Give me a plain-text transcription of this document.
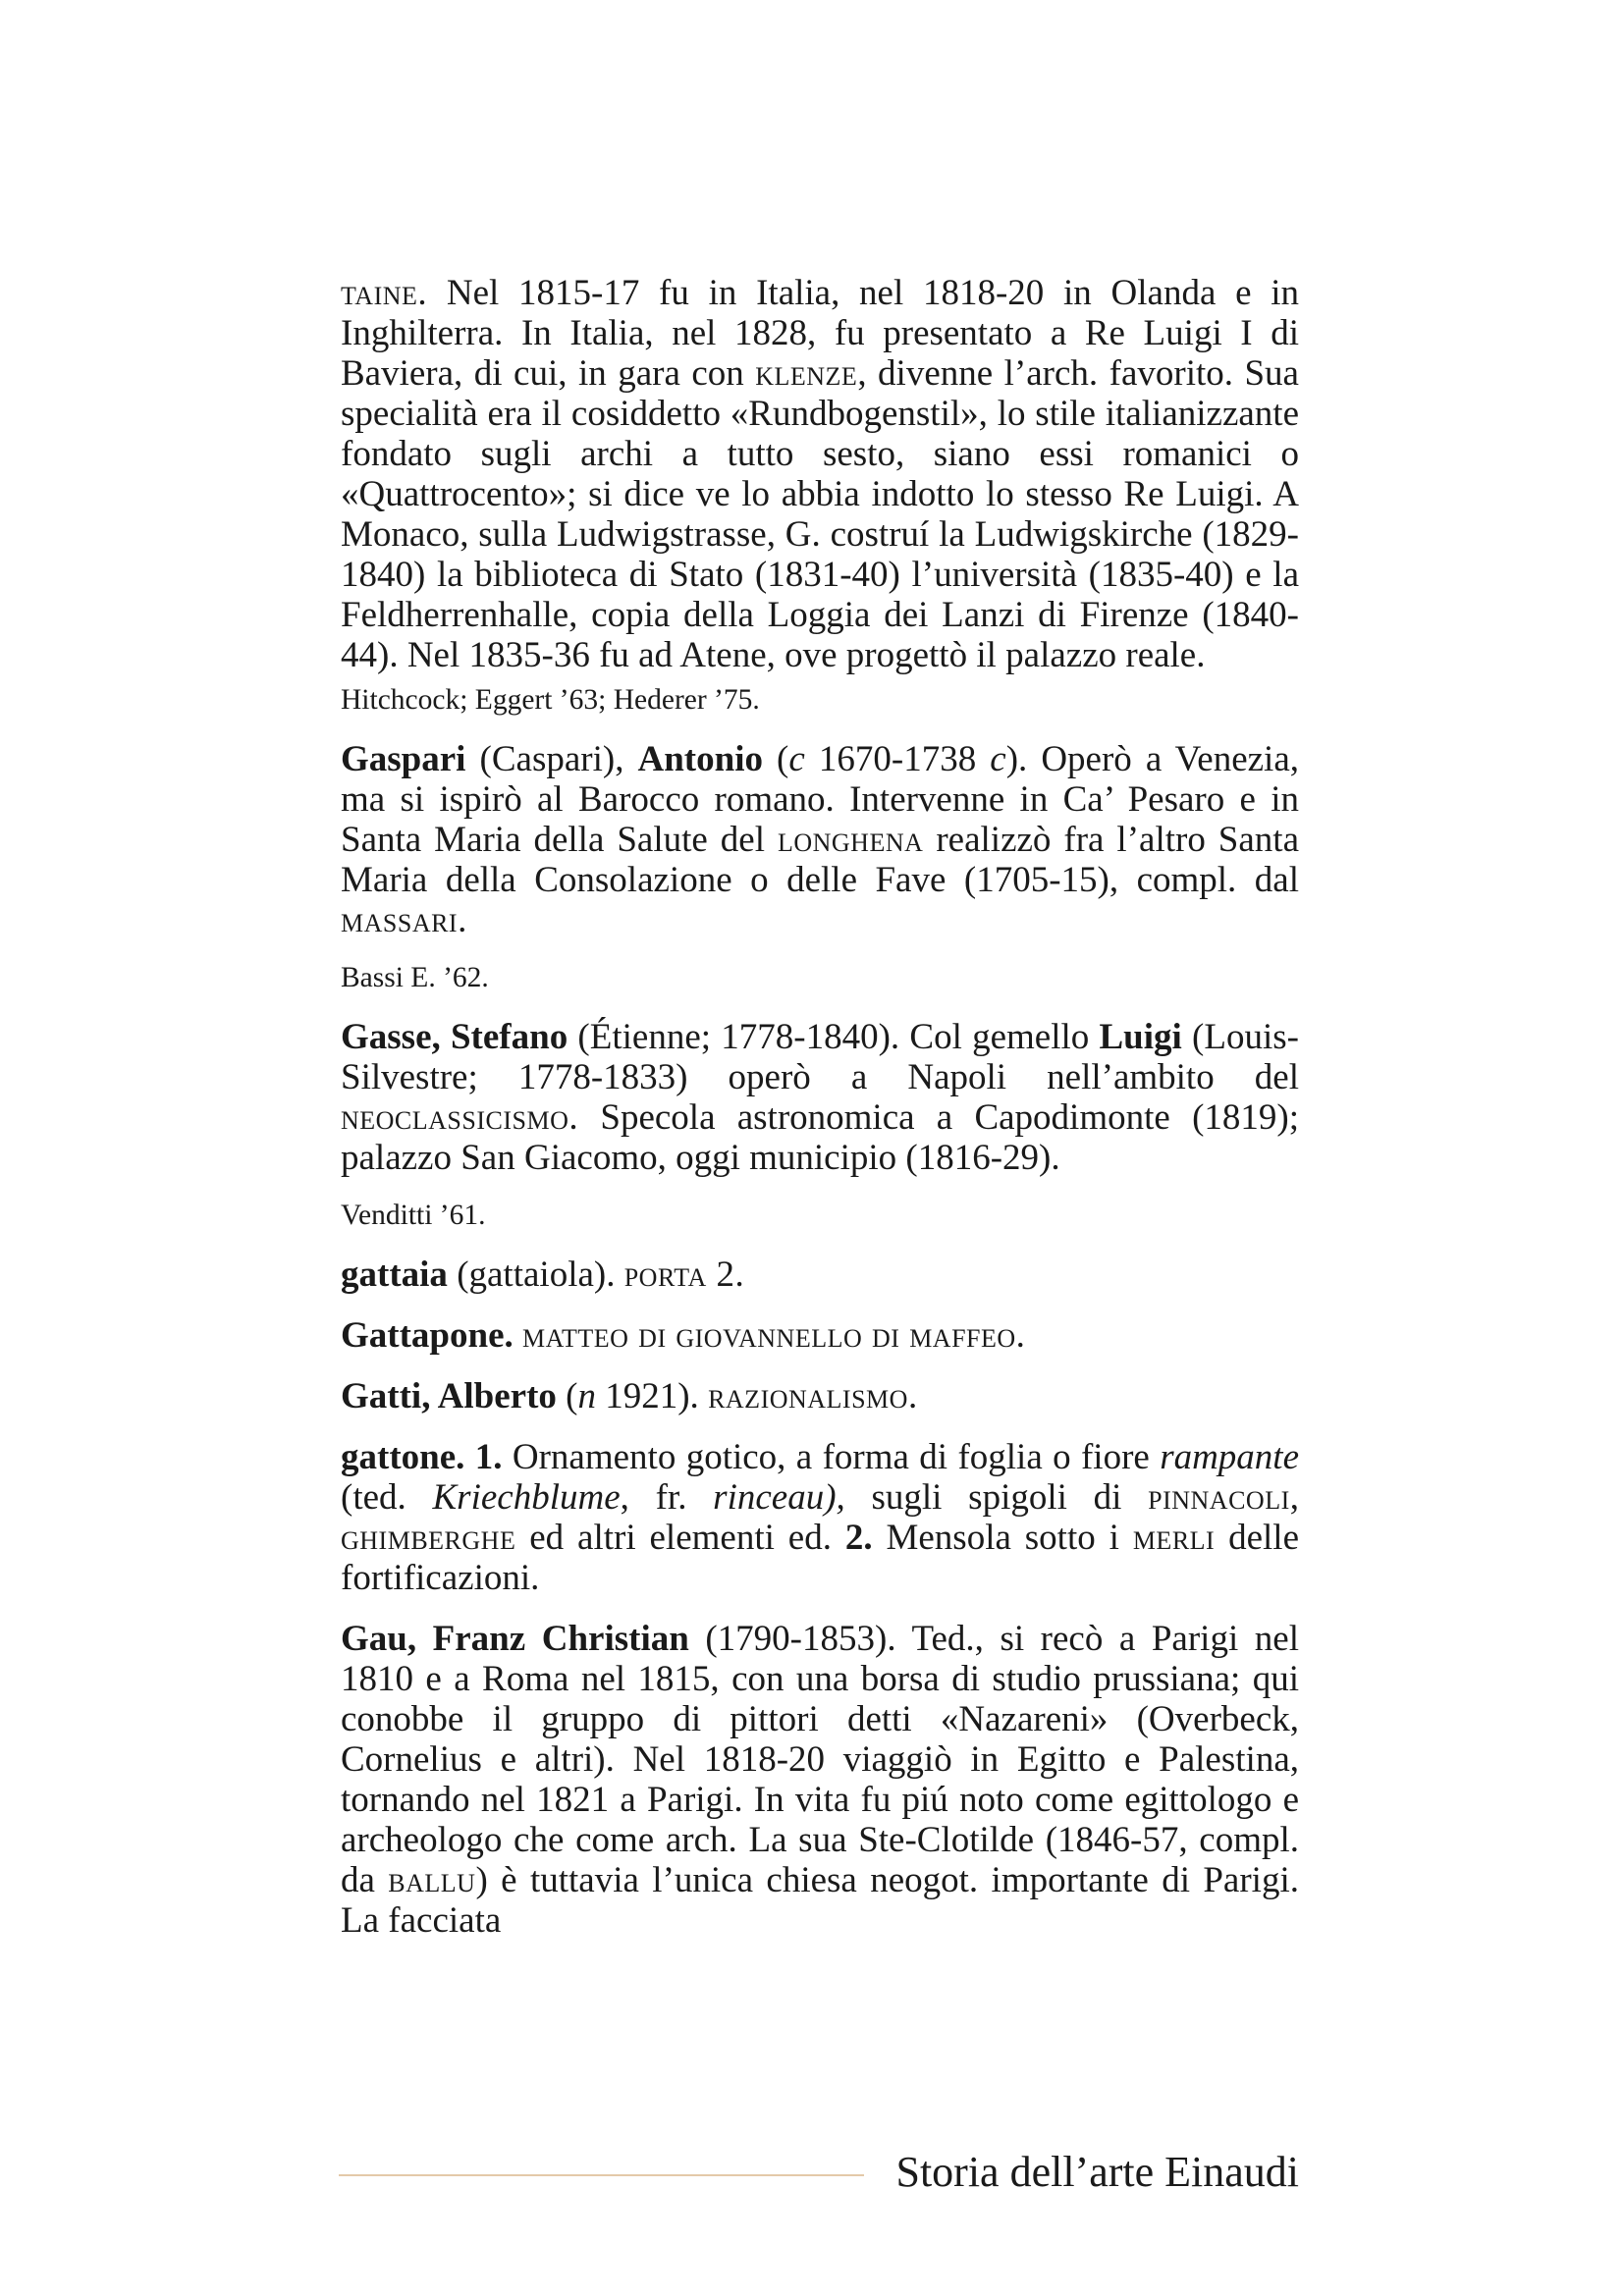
taine. Nel 1815-17 fu in Italia, nel 1818-20 in Olanda e in Inghilterra. In Italia, nel 1828, fu presentato a Re Luigi I di Baviera, di cui, in gara con klenze, divenne l’arch. favorito. Sua specialità era il cosiddetto «Rundbogenstil», lo stile italianizzante fondato sugli archi a tutto sesto, siano essi romanici o «Quattrocento»; si dice ve lo abbia indotto lo stesso Re Luigi. A Monaco, sulla Ludwigstrasse, G. costruí la Ludwigskirche (1829-1840) la biblioteca di Stato (1831-40) l’università (1835-40) e la Feldherrenhalle, copia della Loggia dei Lanzi di Firenze (1840-44). Nel 1835-36 fu ad Atene, ove progettò il palazzo reale.

Hitchcock; Eggert ’63; Hederer ’75.

Gaspari (Caspari), Antonio (c 1670-1738 c). Operò a Venezia, ma si ispirò al Barocco romano. Intervenne in Ca’ Pesaro e in Santa Maria della Salute del longhena realizzò fra l’altro Santa Maria della Consolazione o delle Fave (1705-15), compl. dal massari.

Bassi E. ’62.

Gasse, Stefano (Étienne; 1778-1840). Col gemello Luigi (Louis-Silvestre; 1778-1833) operò a Napoli nell’ambito del neoclassicismo. Specola astronomica a Capodimonte (1819); palazzo San Giacomo, oggi municipio (1816-29).

Venditti ’61.

gattaia (gattaiola). porta 2.

Gattapone. matteo di giovannello di maffeo.

Gatti, Alberto (n 1921). razionalismo.

gattone. 1. Ornamento gotico, a forma di foglia o fiore rampante (ted. Kriechblume, fr. rinceau), sugli spigoli di pinnacoli, ghimberghe ed altri elementi ed. 2. Mensola sotto i merli delle fortificazioni.

Gau, Franz Christian (1790-1853). Ted., si recò a Parigi nel 1810 e a Roma nel 1815, con una borsa di studio prussiana; qui conobbe il gruppo di pittori detti «Nazareni» (Overbeck, Cornelius e altri). Nel 1818-20 viaggiò in Egitto e Palestina, tornando nel 1821 a Parigi. In vita fu piú noto come egittologo e archeologo che come arch. La sua Ste-Clotilde (1846-57, compl. da ballu) è tuttavia l’unica chiesa neogot. importante di Parigi. La facciata

Storia dell’arte Einaudi
